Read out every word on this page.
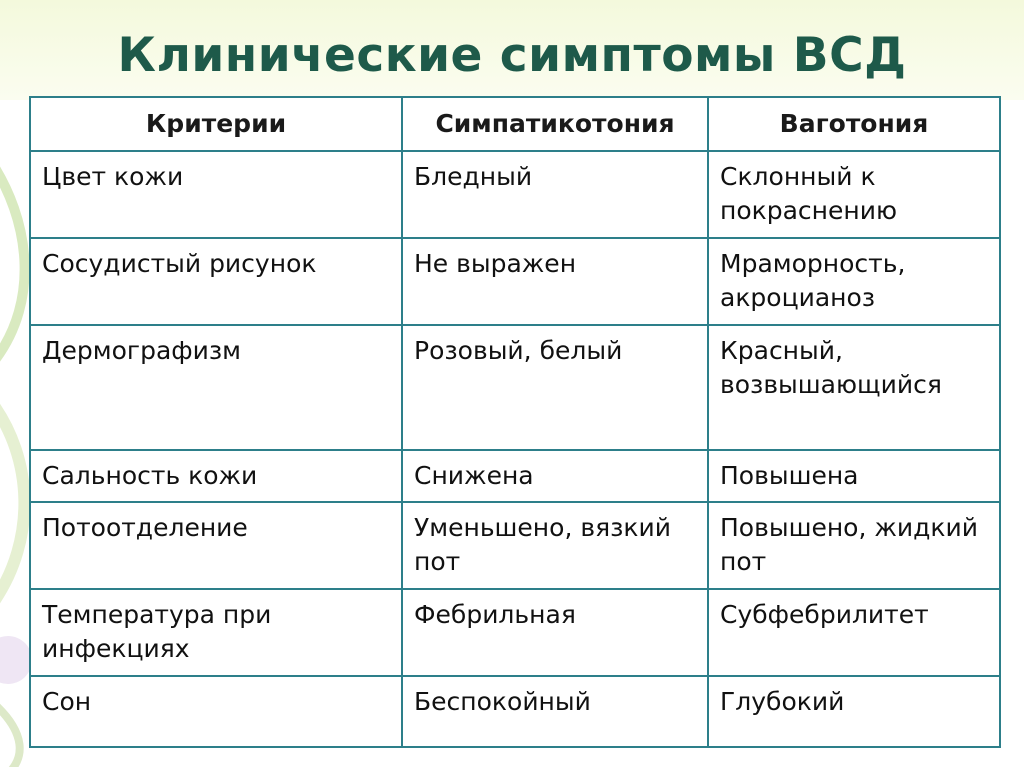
Клинические симптомы ВСД
Критерии	Симпатикотония	Ваготония
Цвет кожи	Бледный	Склонный к покраснению
Сосудистый рисунок	Не выражен	Мраморность, акроцианоз
Дермографизм	Розовый, белый	Красный, возвышающийся
Сальность кожи	Снижена	Повышена
Потоотделение	Уменьшено, вязкий пот	Повышено, жидкий пот
Температура при инфекциях	Фебрильная	Субфебрилитет
Сон	Беспокойный	Глубокий
